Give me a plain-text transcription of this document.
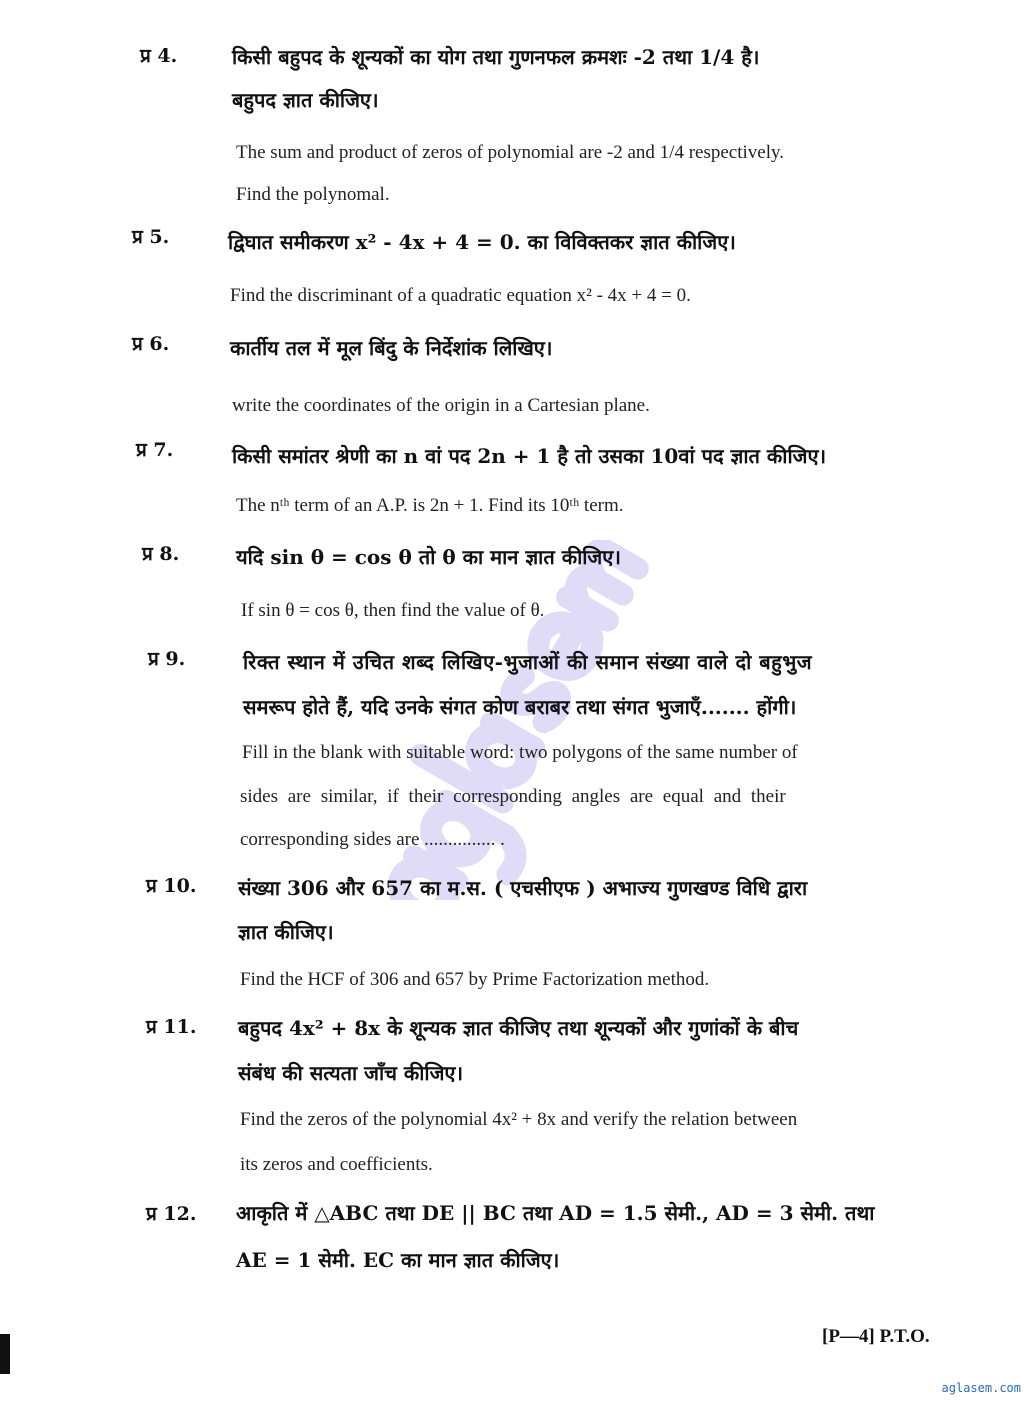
प्र 4.	किसी बहुपद के शून्यकों का योग तथा गुणनफल क्रमशः -2 तथा 1/4 है।
बहुपद ज्ञात कीजिए।
The sum and product of zeros of polynomial are -2 and 1/4 respectively.
Find the polynomal.
प्र 5.	द्विघात समीकरण x² - 4x + 4 = 0. का विविक्तकर ज्ञात कीजिए।
Find the discriminant of a quadratic equation x² - 4x + 4 = 0.
प्र 6.	कार्तीय तल में मूल बिंदु के निर्देशांक लिखिए।
write the coordinates of the origin in a Cartesian plane.
प्र 7.	किसी समांतर श्रेणी का n वां पद 2n + 1 है तो उसका 10वां पद ज्ञात कीजिए।
The nᵗʰ term of an A.P. is 2n + 1. Find its 10ᵗʰ term.
प्र 8.	यदि sin θ = cos θ तो θ का मान ज्ञात कीजिए।
If sin θ = cos θ, then find the value of θ.
प्र 9.	रिक्त स्थान में उचित शब्द लिखिए-भुजाओं की समान संख्या वाले दो बहुभुज
समरूप होते हैं, यदि उनके संगत कोण बराबर तथा संगत भुजाएँ....... होंगी।
Fill in the blank with suitable word: two polygons of the same number of
sides are similar, if their corresponding angles are equal and their
corresponding sides are ............... .
प्र 10. संख्या 306 और 657 का म.स. ( एचसीएफ ) अभाज्य गुणखण्ड विधि द्वारा
ज्ञात कीजिए।
Find the HCF of 306 and 657 by Prime Factorization method.
प्र 11. बहुपद 4x² + 8x के शून्यक ज्ञात कीजिए तथा शून्यकों और गुणांकों के बीच
संबंध की सत्यता जाँच कीजिए।
Find the zeros of the polynomial 4x² + 8x and verify the relation between
its zeros and coefficients.
प्र 12. आकृति में △ABC तथा DE || BC तथा AD = 1.5 सेमी., AD = 3 सेमी. तथा
AE = 1 सेमी. EC का मान ज्ञात कीजिए।
[P—4] P.T.O.
aglasem.com
